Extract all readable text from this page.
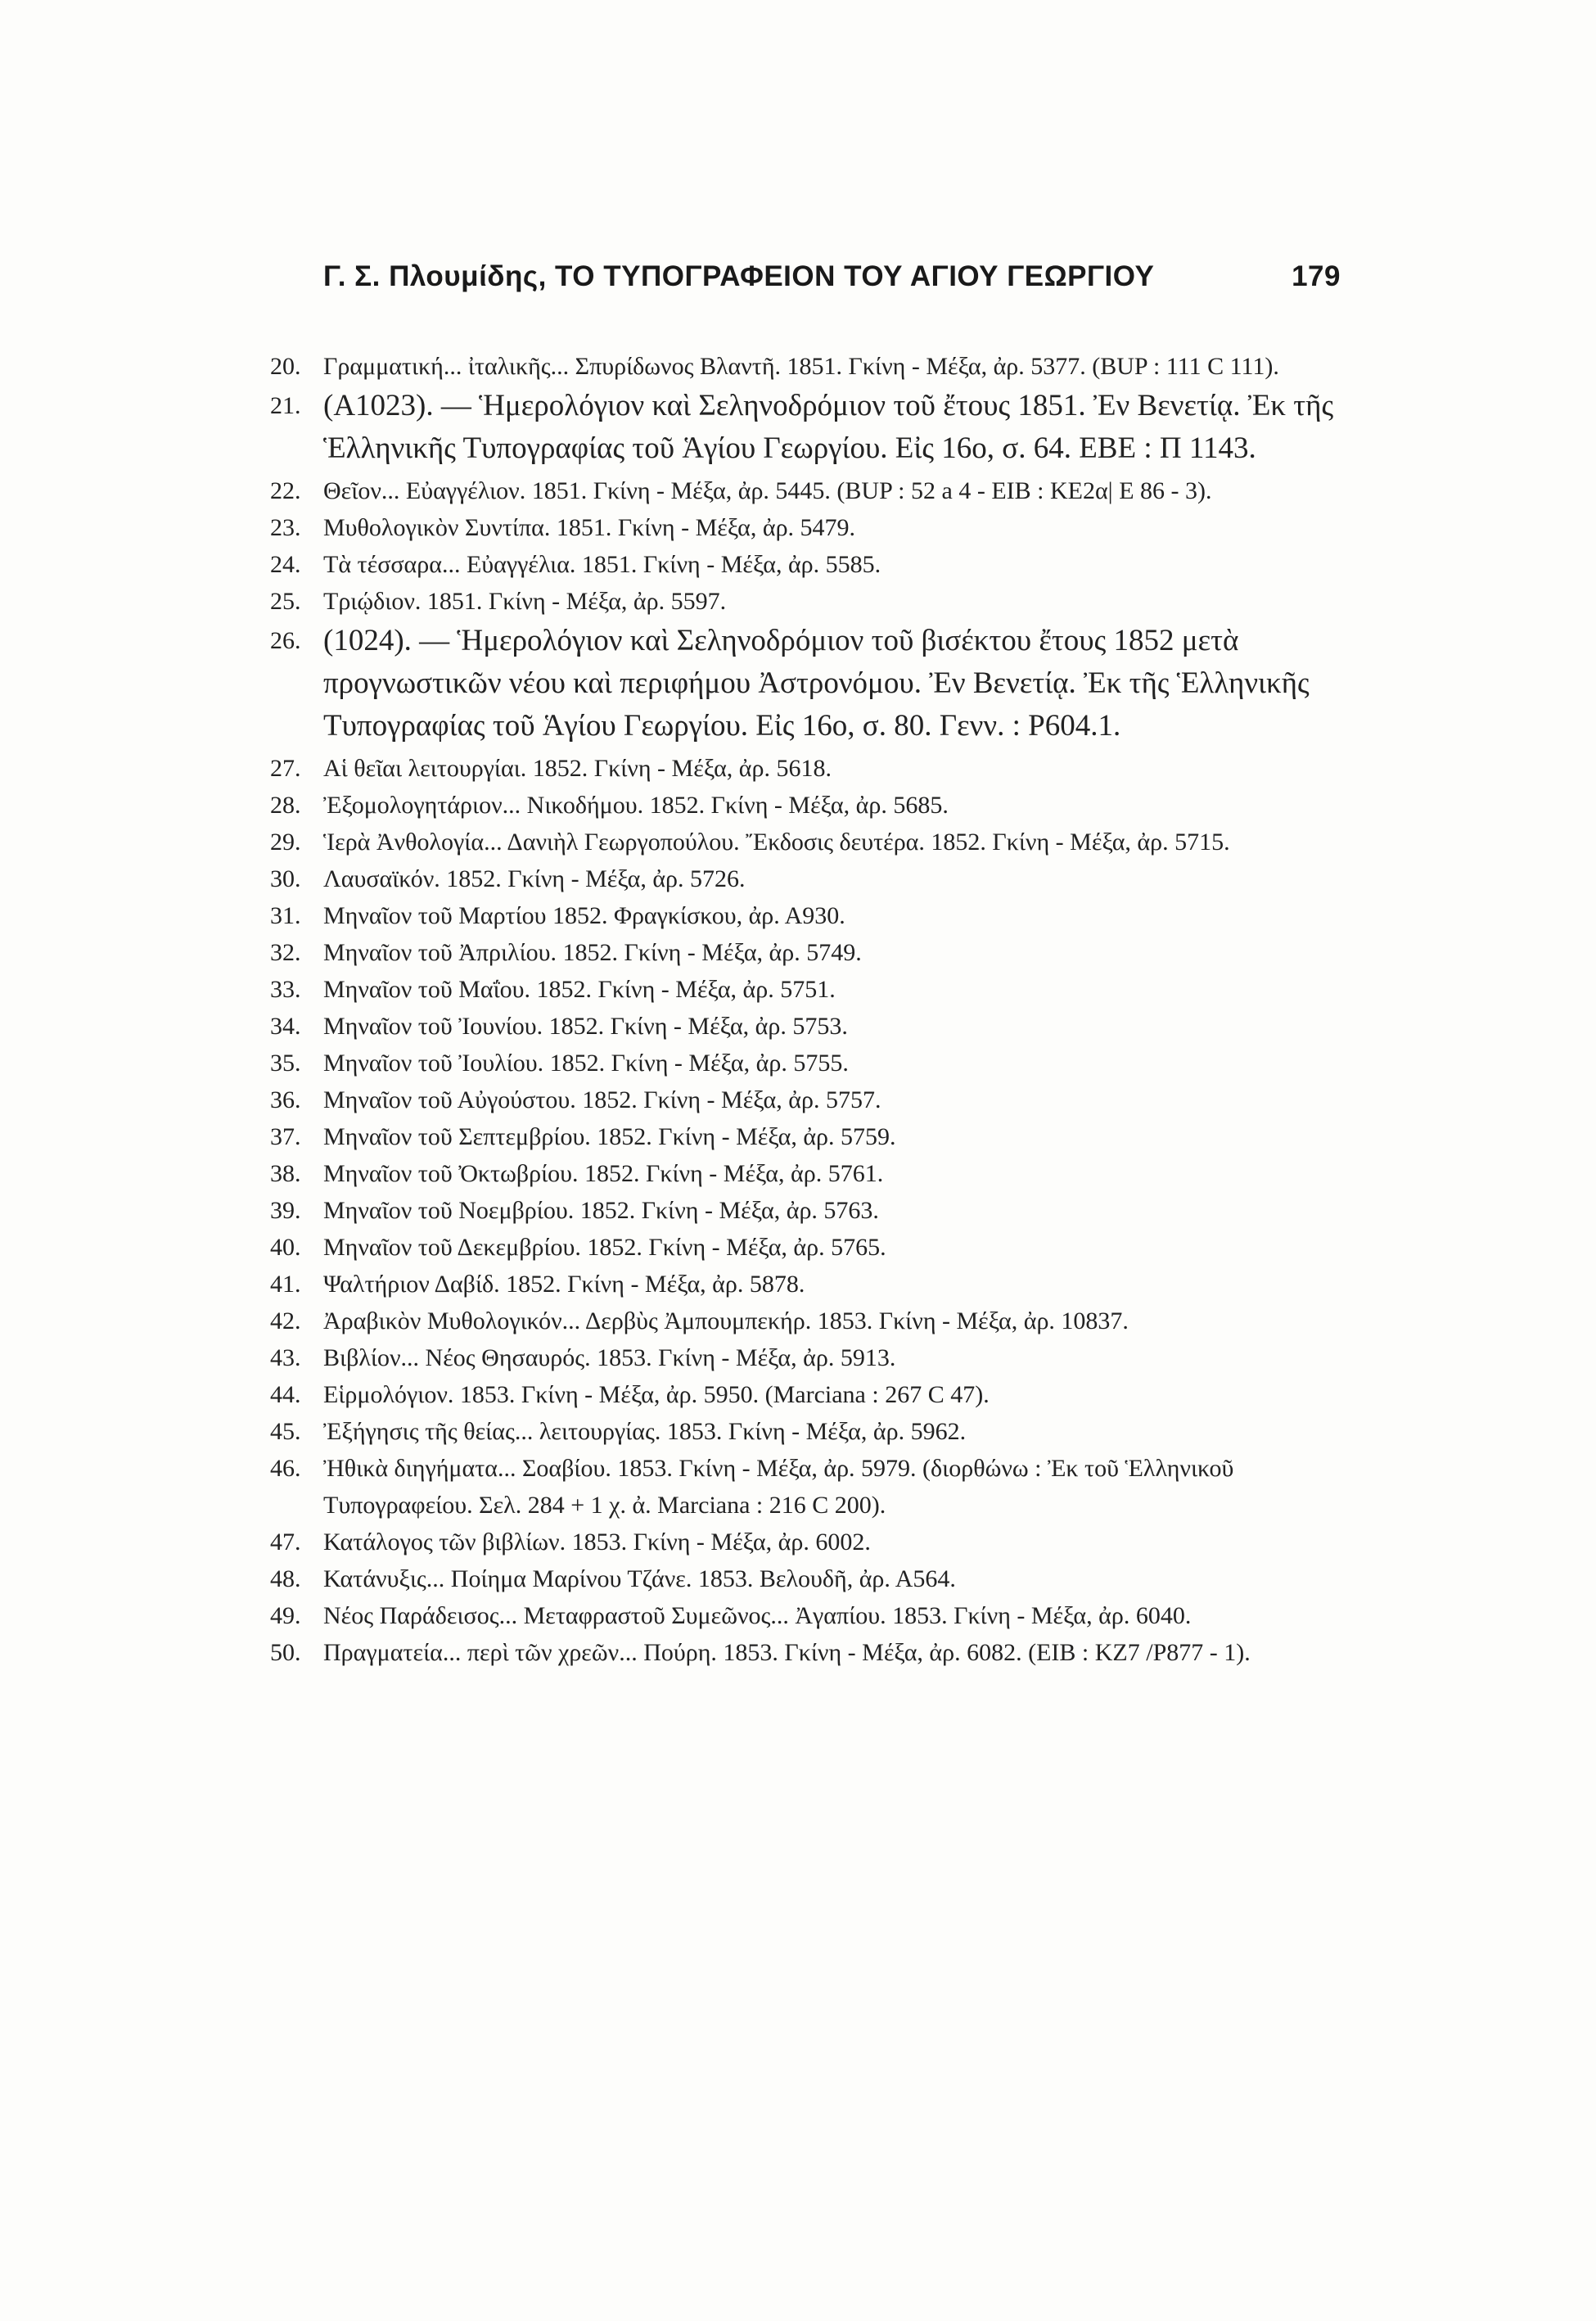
Γ. Σ. Πλουμίδης, ΤΟ ΤΥΠΟΓΡΑΦΕΙΟΝ ΤΟΥ ΑΓΙΟΥ ΓΕΩΡΓΙΟΥ	179
20. Γραμματική... ἰταλικῆς... Σπυρίδωνος Βλαντῆ. 1851. Γκίνη - Μέξα, ἀρ. 5377. (BUP : 111 C 111).
21. (Α1023). — Ἡμερολόγιον καὶ Σεληνοδρόμιον τοῦ ἔτους 1851. Ἐν Βενετίᾳ. Ἐκ τῆς Ἑλληνικῆς Τυπογραφίας τοῦ Ἁγίου Γεωργίου. Εἰς 16ο, σ. 64. ΕΒΕ : Π 1143.
22. Θεῖον... Εὐαγγέλιον. 1851. Γκίνη - Μέξα, ἀρ. 5445. (BUP : 52 a 4 - ΕΙΒ : ΚΕ2α| Ε 86 - 3).
23. Μυθολογικὸν Συντίπα. 1851. Γκίνη - Μέξα, ἀρ. 5479.
24. Τὰ τέσσαρα... Εὐαγγέλια. 1851. Γκίνη - Μέξα, ἀρ. 5585.
25. Τριῴδιον. 1851. Γκίνη - Μέξα, ἀρ. 5597.
26. (1024). — Ἡμερολόγιον καὶ Σεληνοδρόμιον τοῦ βισέκτου ἔτους 1852 μετὰ προγνωστικῶν νέου καὶ περιφήμου Ἀστρονόμου. Ἐν Βενετίᾳ. Ἐκ τῆς Ἑλληνικῆς Τυπογραφίας τοῦ Ἁγίου Γεωργίου. Εἰς 16ο, σ. 80. Γενν. : Ρ604.1.
27. Αἱ θεῖαι λειτουργίαι. 1852. Γκίνη - Μέξα, ἀρ. 5618.
28. Ἐξομολογητάριον... Νικοδήμου. 1852. Γκίνη - Μέξα, ἀρ. 5685.
29. Ἱερὰ Ἀνθολογία... Δανιὴλ Γεωργοπούλου. Ἔκδοσις δευτέρα. 1852. Γκίνη - Μέξα, ἀρ. 5715.
30. Λαυσαϊκόν. 1852. Γκίνη - Μέξα, ἀρ. 5726.
31. Μηναῖον τοῦ Μαρτίου 1852. Φραγκίσκου, ἀρ. Α930.
32. Μηναῖον τοῦ Ἀπριλίου. 1852. Γκίνη - Μέξα, ἀρ. 5749.
33. Μηναῖον τοῦ Μαΐου. 1852. Γκίνη - Μέξα, ἀρ. 5751.
34. Μηναῖον τοῦ Ἰουνίου. 1852. Γκίνη - Μέξα, ἀρ. 5753.
35. Μηναῖον τοῦ Ἰουλίου. 1852. Γκίνη - Μέξα, ἀρ. 5755.
36. Μηναῖον τοῦ Αὐγούστου. 1852. Γκίνη - Μέξα, ἀρ. 5757.
37. Μηναῖον τοῦ Σεπτεμβρίου. 1852. Γκίνη - Μέξα, ἀρ. 5759.
38. Μηναῖον τοῦ Ὀκτωβρίου. 1852. Γκίνη - Μέξα, ἀρ. 5761.
39. Μηναῖον τοῦ Νοεμβρίου. 1852. Γκίνη - Μέξα, ἀρ. 5763.
40. Μηναῖον τοῦ Δεκεμβρίου. 1852. Γκίνη - Μέξα, ἀρ. 5765.
41. Ψαλτήριον Δαβίδ. 1852. Γκίνη - Μέξα, ἀρ. 5878.
42. Ἀραβικὸν Μυθολογικόν... Δερβὺς Ἀμπουμπεκήρ. 1853. Γκίνη - Μέξα, ἀρ. 10837.
43. Βιβλίον... Νέος Θησαυρός. 1853. Γκίνη - Μέξα, ἀρ. 5913.
44. Εἱρμολόγιον. 1853. Γκίνη - Μέξα, ἀρ. 5950. (Marciana : 267 C 47).
45. Ἐξήγησις τῆς θείας... λειτουργίας. 1853. Γκίνη - Μέξα, ἀρ. 5962.
46. Ἠθικὰ διηγήματα... Σοαβίου. 1853. Γκίνη - Μέξα, ἀρ. 5979. (διορθώνω : Ἐκ τοῦ Ἑλληνικοῦ Τυπογραφείου. Σελ. 284 + 1 χ. ἀ. Marciana : 216 C 200).
47. Κατάλογος τῶν βιβλίων. 1853. Γκίνη - Μέξα, ἀρ. 6002.
48. Κατάνυξις... Ποίημα Μαρίνου Τζάνε. 1853. Βελουδῆ, ἀρ. Α564.
49. Νέος Παράδεισος... Μεταφραστοῦ Συμεῶνος... Ἀγαπίου. 1853. Γκίνη - Μέξα, ἀρ. 6040.
50. Πραγματεία... περὶ τῶν χρεῶν... Πούρη. 1853. Γκίνη - Μέξα, ἀρ. 6082. (ΕΙΒ : ΚΖ7 /Ρ877 - 1).
